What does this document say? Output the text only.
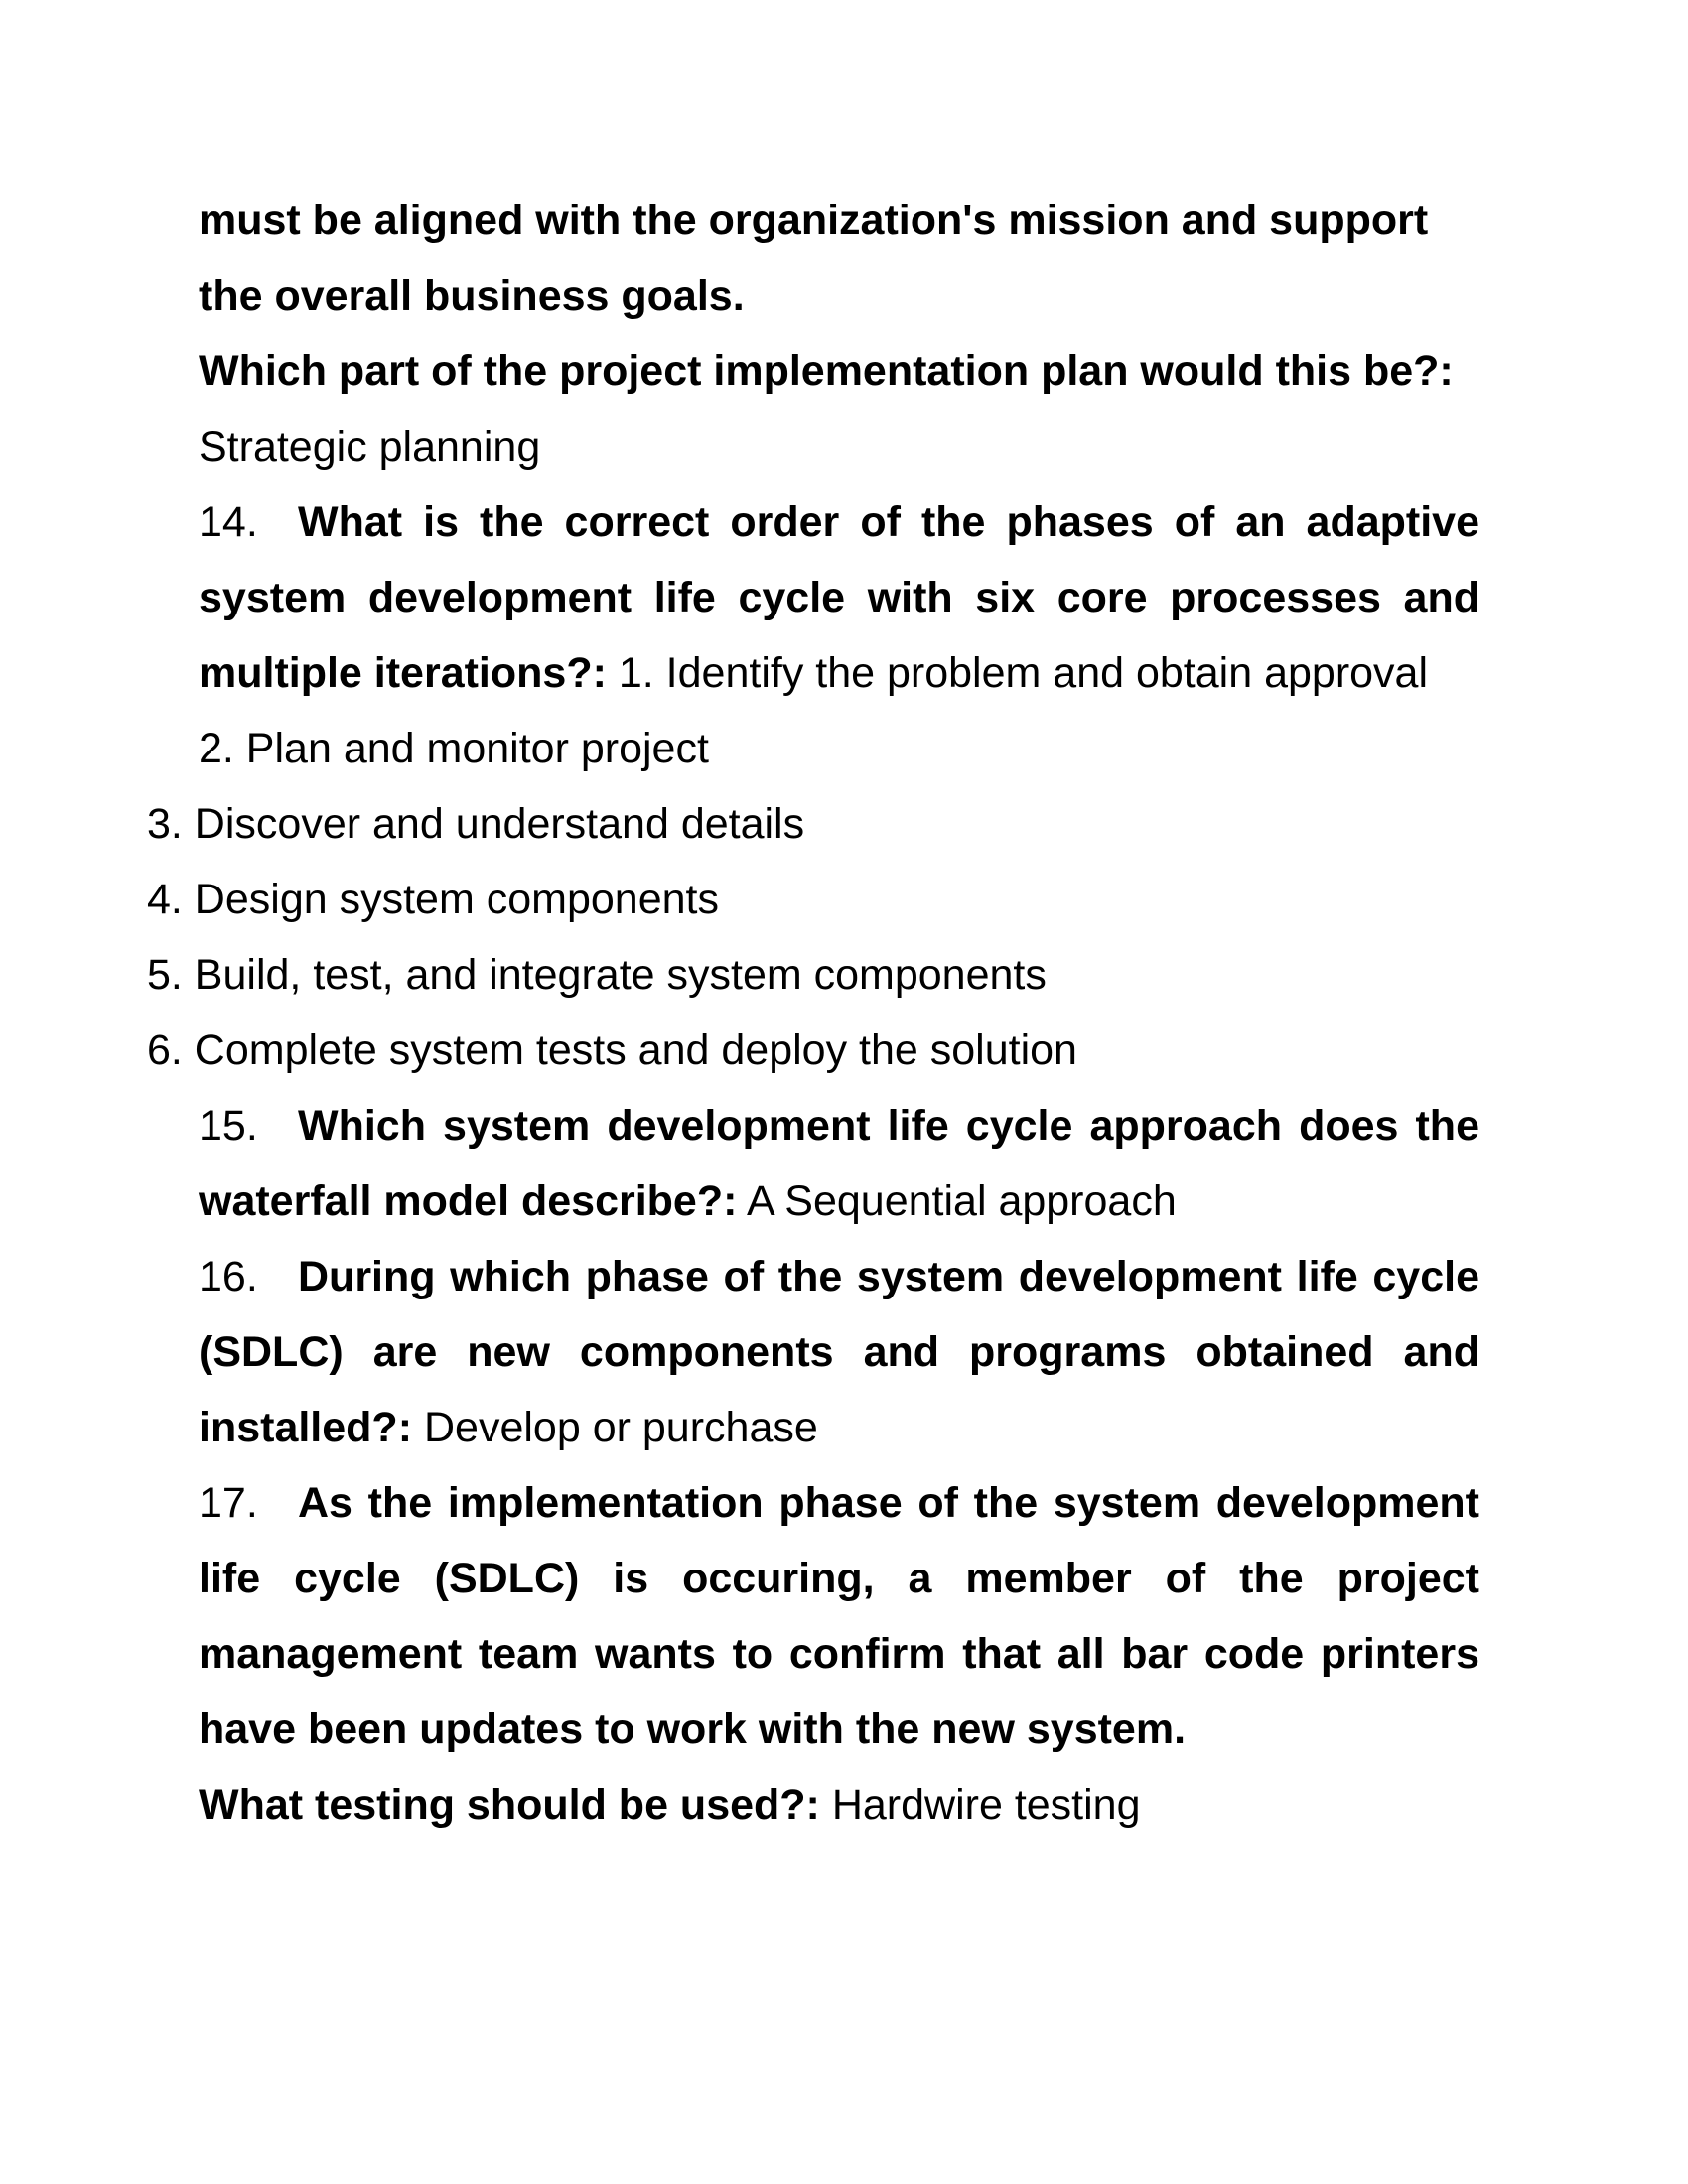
must be aligned with the organization's mission and support
the overall business goals.
Which part of the project implementation plan would this be?:
Strategic planning
14. What is the correct order of the phases of an adaptive
system development life cycle with six core processes and
multiple iterations?: 1. Identify the problem and obtain approval
2. Plan and monitor project
3. Discover and understand details
4. Design system components
5. Build, test, and integrate system components
6. Complete system tests and deploy the solution
15. Which system development life cycle approach does the
waterfall model describe?: A Sequential approach
16. During which phase of the system development life cycle
(SDLC) are new components and programs obtained and
installed?: Develop or purchase
17. As the implementation phase of the system development
life cycle (SDLC) is occuring, a member of the project
management team wants to confirm that all bar code printers
have been updates to work with the new system.
What testing should be used?: Hardwire testing
